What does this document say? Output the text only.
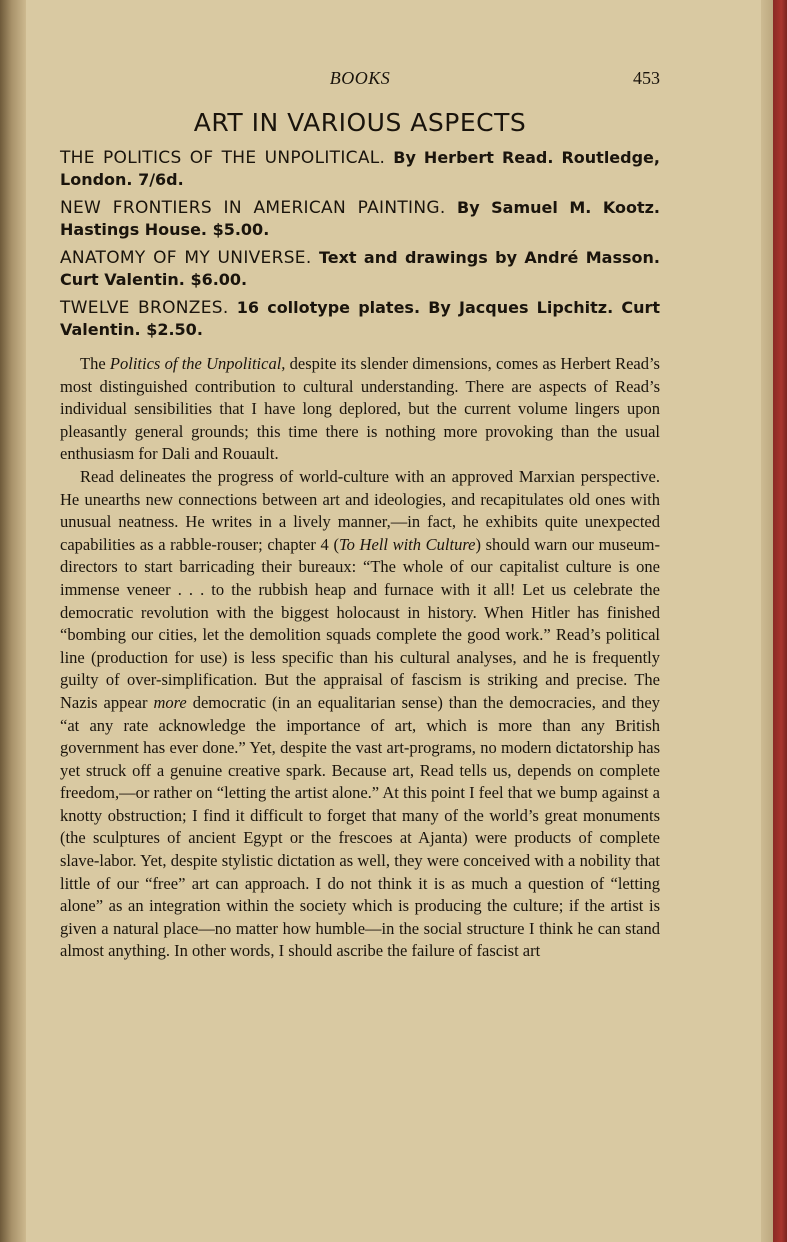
BOOKS	453
ART IN VARIOUS ASPECTS
THE POLITICS OF THE UNPOLITICAL. By Herbert Read. Routledge, London. 7/6d.
NEW FRONTIERS IN AMERICAN PAINTING. By Samuel M. Kootz. Hastings House. $5.00.
ANATOMY OF MY UNIVERSE. Text and drawings by André Masson. Curt Valentin. $6.00.
TWELVE BRONZES. 16 collotype plates. By Jacques Lipchitz. Curt Valentin. $2.50.

The Politics of the Unpolitical, despite its slender dimensions, comes as Herbert Read’s most distinguished contribution to cultural understanding. There are aspects of Read’s individual sensibilities that I have long deplored, but the current volume lingers upon pleasantly general grounds; this time there is nothing more provoking than the usual enthusiasm for Dali and Rouault.

Read delineates the progress of world-culture with an approved Marxian perspective. He unearths new connections between art and ideologies, and recapitulates old ones with unusual neatness. He writes in a lively manner,—in fact, he exhibits quite unexpected capabilities as a rabble-rouser; chapter 4 (To Hell with Culture) should warn our museum-directors to start barricading their bureaux: “The whole of our capitalist culture is one immense veneer . . . to the rubbish heap and furnace with it all! Let us celebrate the democratic revolution with the biggest holocaust in history. When Hitler has finished “bombing our cities, let the demolition squads complete the good work.” Read’s political line (production for use) is less specific than his cultural analyses, and he is frequently guilty of over-simplification. But the appraisal of fascism is striking and precise. The Nazis appear more democratic (in an equalitarian sense) than the democracies, and they “at any rate acknowledge the importance of art, which is more than any British government has ever done.” Yet, despite the vast art-programs, no modern dictatorship has yet struck off a genuine creative spark. Because art, Read tells us, depends on complete freedom,—or rather on “letting the artist alone.” At this point I feel that we bump against a knotty obstruction; I find it difficult to forget that many of the world’s great monuments (the sculptures of ancient Egypt or the frescoes at Ajanta) were products of complete slave-labor. Yet, despite stylistic dictation as well, they were conceived with a nobility that little of our “free” art can approach. I do not think it is as much a question of “letting alone” as an integration within the society which is producing the culture; if the artist is given a natural place—no matter how humble—in the social structure I think he can stand almost anything. In other words, I should ascribe the failure of fascist art
